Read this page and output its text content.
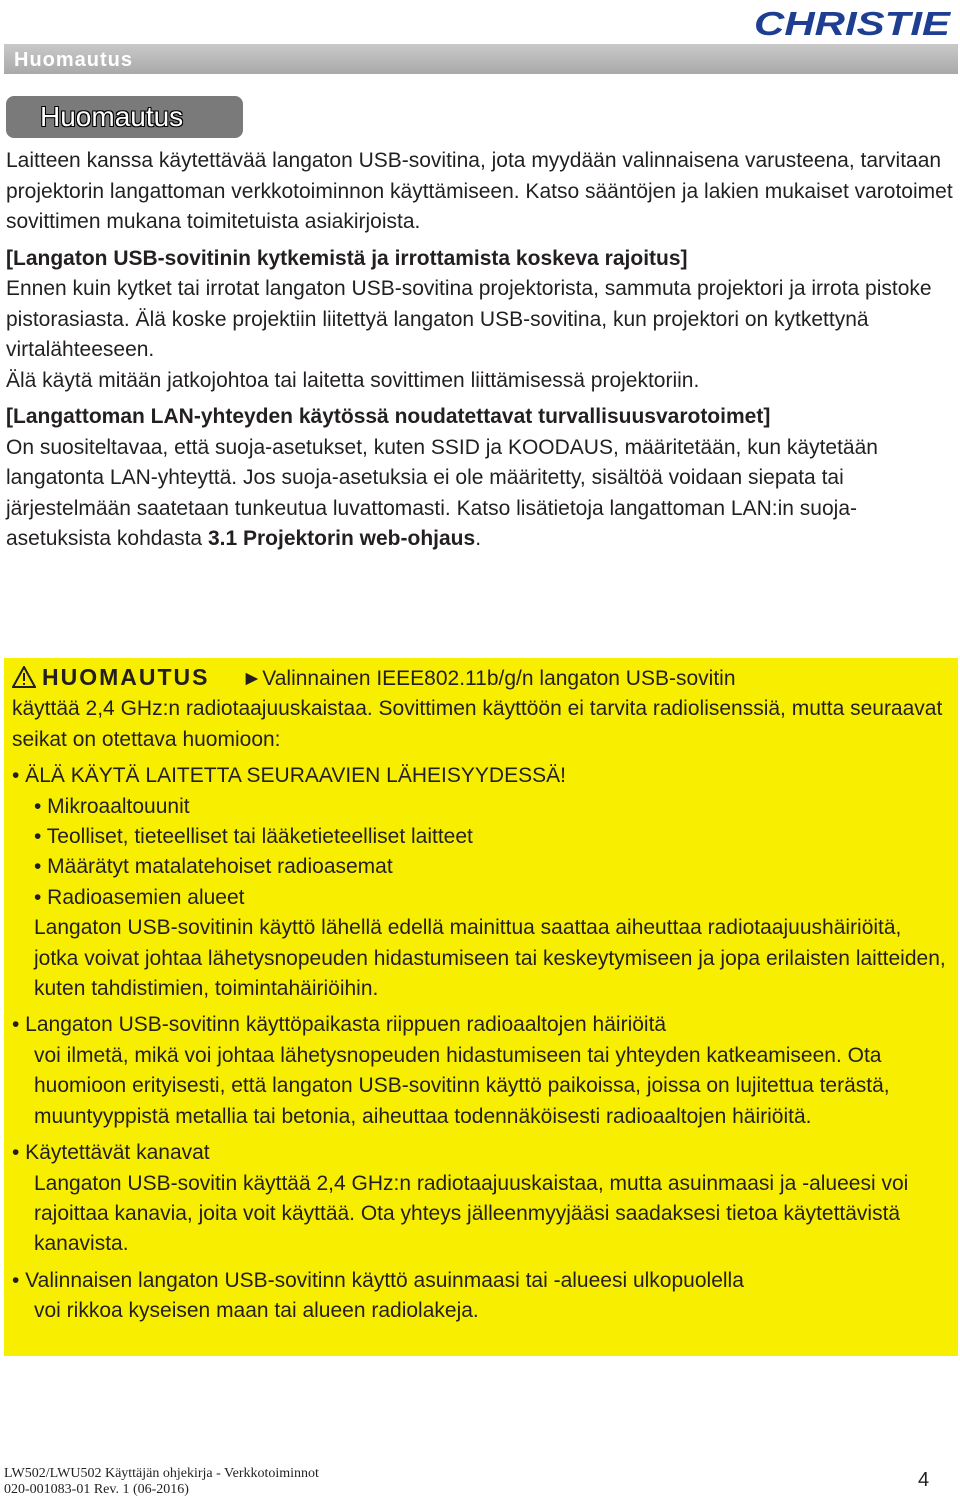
CHRISTIE
Huomautus
Huomautus

Laitteen kanssa käytettävää langaton USB-sovitina, jota myydään valinnaisena varusteena, tarvitaan projektorin langattoman verkkotoiminnon käyttämiseen. Katso sääntöjen ja lakien mukaiset varotoimet sovittimen mukana toimitetuista asiakirjoista.

[Langaton USB-sovitinin kytkemistä ja irrottamista koskeva rajoitus]

Ennen kuin kytket tai irrotat langaton USB-sovitina projektorista, sammuta projektori ja irrota pistoke pistorasiasta. Älä koske projektiin liitettyä langaton USB-sovitina, kun projektori on kytkettynä virtalähteeseen.

Älä käytä mitään jatkojohtoa tai laitetta sovittimen liittämisessä projektoriin.

[Langattoman LAN-yhteyden käytössä noudatettavat turvallisuusvarotoimet]

On suositeltavaa, että suoja-asetukset, kuten SSID ja KOODAUS, määritetään, kun käytetään langatonta LAN-yhteyttä. Jos suoja-asetuksia ei ole määritetty, sisältöä voidaan siepata tai järjestelmään saatetaan tunkeutua luvattomasti. Katso lisätietoja langattoman LAN:in suoja-asetuksista kohdasta 3.1 Projektorin web-ohjaus.

HUOMAUTUS ►Valinnainen IEEE802.11b/g/n langaton USB-sovitin

käyttää 2,4 GHz:n radiotaajuuskaistaa. Sovittimen käyttöön ei tarvita radiolisenssiä, mutta seuraavat seikat on otettava huomioon:

• ÄLÄ KÄYTÄ LAITETTA SEURAAVIEN LÄHEISYYDESSÄ!

• Mikroaaltouunit

• Teolliset, tieteelliset tai lääketieteelliset laitteet

• Määrätyt matalatehoiset radioasemat

• Radioasemien alueet

Langaton USB-sovitinin käyttö lähellä edellä mainittua saattaa aiheuttaa radiotaajuushäiriöitä, jotka voivat johtaa lähetysnopeuden hidastumiseen tai keskeytymiseen ja jopa erilaisten laitteiden, kuten tahdistimien, toimintahäiriöihin.

• Langaton USB-sovitinn käyttöpaikasta riippuen radioaaltojen häiriöitä

voi ilmetä, mikä voi johtaa lähetysnopeuden hidastumiseen tai yhteyden katkeamiseen. Ota huomioon erityisesti, että langaton USB-sovitinn käyttö paikoissa, joissa on lujitettua terästä, muuntyyppistä metallia tai betonia, aiheuttaa todennäköisesti radioaaltojen häiriöitä.

• Käytettävät kanavat

Langaton USB-sovitin käyttää 2,4 GHz:n radiotaajuuskaistaa, mutta asuinmaasi ja -alueesi voi rajoittaa kanavia, joita voit käyttää. Ota yhteys jälleenmyyjääsi saadaksesi tietoa käytettävistä kanavista.

• Valinnaisen langaton USB-sovitinn käyttö asuinmaasi tai -alueesi ulkopuolella

voi rikkoa kyseisen maan tai alueen radiolakeja.

LW502/LWU502 Käyttäjän ohjekirja - Verkkotoiminnot
020-001083-01 Rev. 1 (06-2016)	4
